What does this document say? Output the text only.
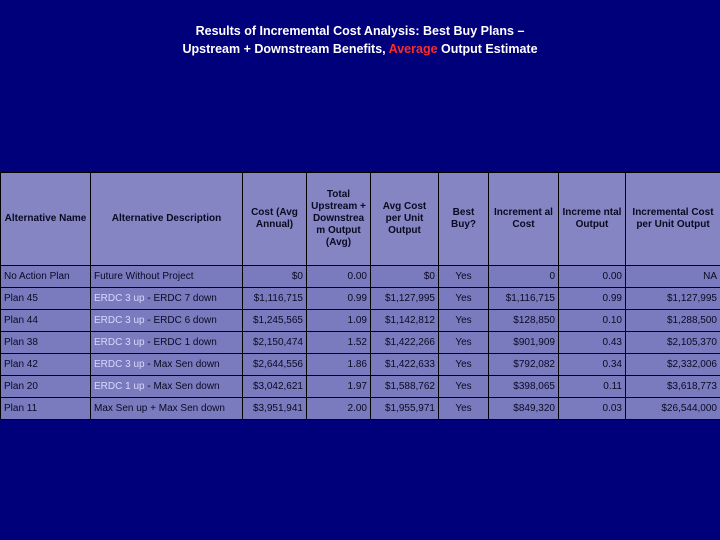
Results of Incremental Cost Analysis: Best Buy Plans –
Upstream + Downstream Benefits, Average Output Estimate
Alternative Name	Alternative Description	Cost (Avg Annual)	Total Upstream + Downstrea m Output (Avg)	Avg Cost per Unit Output	Best Buy?	Increment al Cost	Increme ntal Output	Incremental Cost per Unit Output
No Action Plan	Future Without Project	$0	0.00	$0	Yes	0	0.00	NA
Plan 45	ERDC 3 up - ERDC 7 down	$1,116,715	0.99	$1,127,995	Yes	$1,116,715	0.99	$1,127,995
Plan 44	ERDC 3 up - ERDC 6 down	$1,245,565	1.09	$1,142,812	Yes	$128,850	0.10	$1,288,500
Plan 38	ERDC 3 up - ERDC 1 down	$2,150,474	1.52	$1,422,266	Yes	$901,909	0.43	$2,105,370
Plan 42	ERDC 3 up - Max Sen down	$2,644,556	1.86	$1,422,633	Yes	$792,082	0.34	$2,332,006
Plan 20	ERDC 1 up - Max Sen down	$3,042,621	1.97	$1,588,762	Yes	$398,065	0.11	$3,618,773
Plan 11	Max Sen up + Max Sen down	$3,951,941	2.00	$1,955,971	Yes	$849,320	0.03	$26,544,000
